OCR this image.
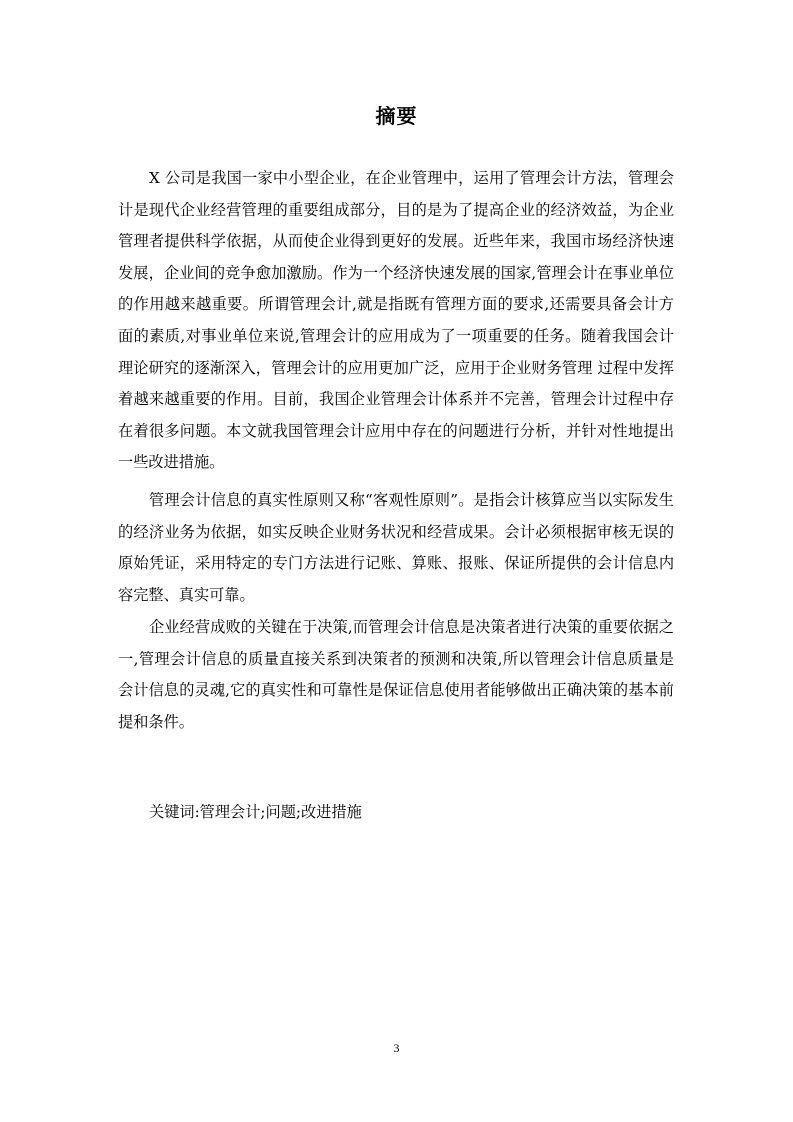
摘要

X 公司是我国一家中小型企业，在企业管理中，运用了管理会计方法，管理会计是现代企业经营管理的重要组成部分，目的是为了提高企业的经济效益，为企业管理者提供科学依据，从而使企业得到更好的发展。近些年来，我国市场经济快速发展，企业间的竞争愈加激励。作为一个经济快速发展的国家,管理会计在事业单位的作用越来越重要。所谓管理会计,就是指既有管理方面的要求,还需要具备会计方面的素质,对事业单位来说,管理会计的应用成为了一项重要的任务。随着我国会计理论研究的逐渐深入，管理会计的应用更加广泛，应用于企业财务管理 过程中发挥着越来越重要的作用。目前，我国企业管理会计体系并不完善，管理会计过程中存在着很多问题。本文就我国管理会计应用中存在的问题进行分析，并针对性地提出一些改进措施。

管理会计信息的真实性原则又称“客观性原则”。是指会计核算应当以实际发生的经济业务为依据，如实反映企业财务状况和经营成果。会计必须根据审核无误的原始凭证，采用特定的专门方法进行记账、算账、报账、保证所提供的会计信息内容完整、真实可靠。

企业经营成败的关键在于决策,而管理会计信息是决策者进行决策的重要依据之一,管理会计信息的质量直接关系到决策者的预测和决策,所以管理会计信息质量是会计信息的灵魂,它的真实性和可靠性是保证信息使用者能够做出正确决策的基本前提和条件。

关键词:管理会计;问题;改进措施
3
